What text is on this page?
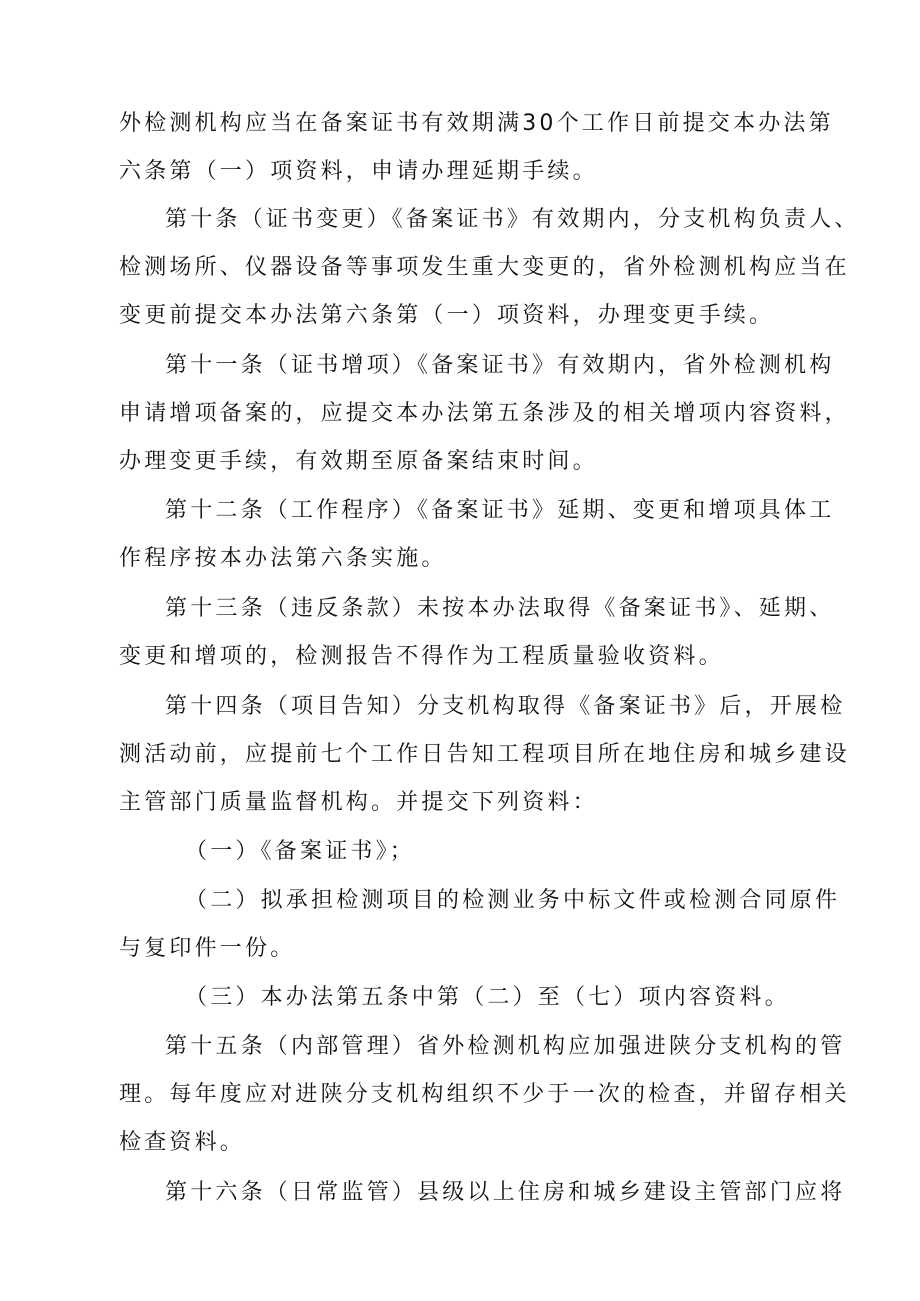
外检测机构应当在备案证书有效期满30个工作日前提交本办法第
六条第（一）项资料，申请办理延期手续。
第十条（证书变更）《备案证书》有效期内，分支机构负责人、
检测场所、仪器设备等事项发生重大变更的，省外检测机构应当在
变更前提交本办法第六条第（一）项资料，办理变更手续。
第十一条（证书增项）《备案证书》有效期内，省外检测机构
申请增项备案的，应提交本办法第五条涉及的相关增项内容资料，
办理变更手续，有效期至原备案结束时间。
第十二条（工作程序）《备案证书》延期、变更和增项具体工
作程序按本办法第六条实施。
第十三条（违反条款）未按本办法取得《备案证书》、延期、
变更和增项的，检测报告不得作为工程质量验收资料。
第十四条（项目告知）分支机构取得《备案证书》后，开展检
测活动前，应提前七个工作日告知工程项目所在地住房和城乡建设
主管部门质量监督机构。并提交下列资料：
（一）《备案证书》；
（二）拟承担检测项目的检测业务中标文件或检测合同原件
与复印件一份。
（三）本办法第五条中第（二）至（七）项内容资料。
第十五条（内部管理）省外检测机构应加强进陕分支机构的管
理。每年度应对进陕分支机构组织不少于一次的检查，并留存相关
检查资料。
第十六条（日常监管）县级以上住房和城乡建设主管部门应将
